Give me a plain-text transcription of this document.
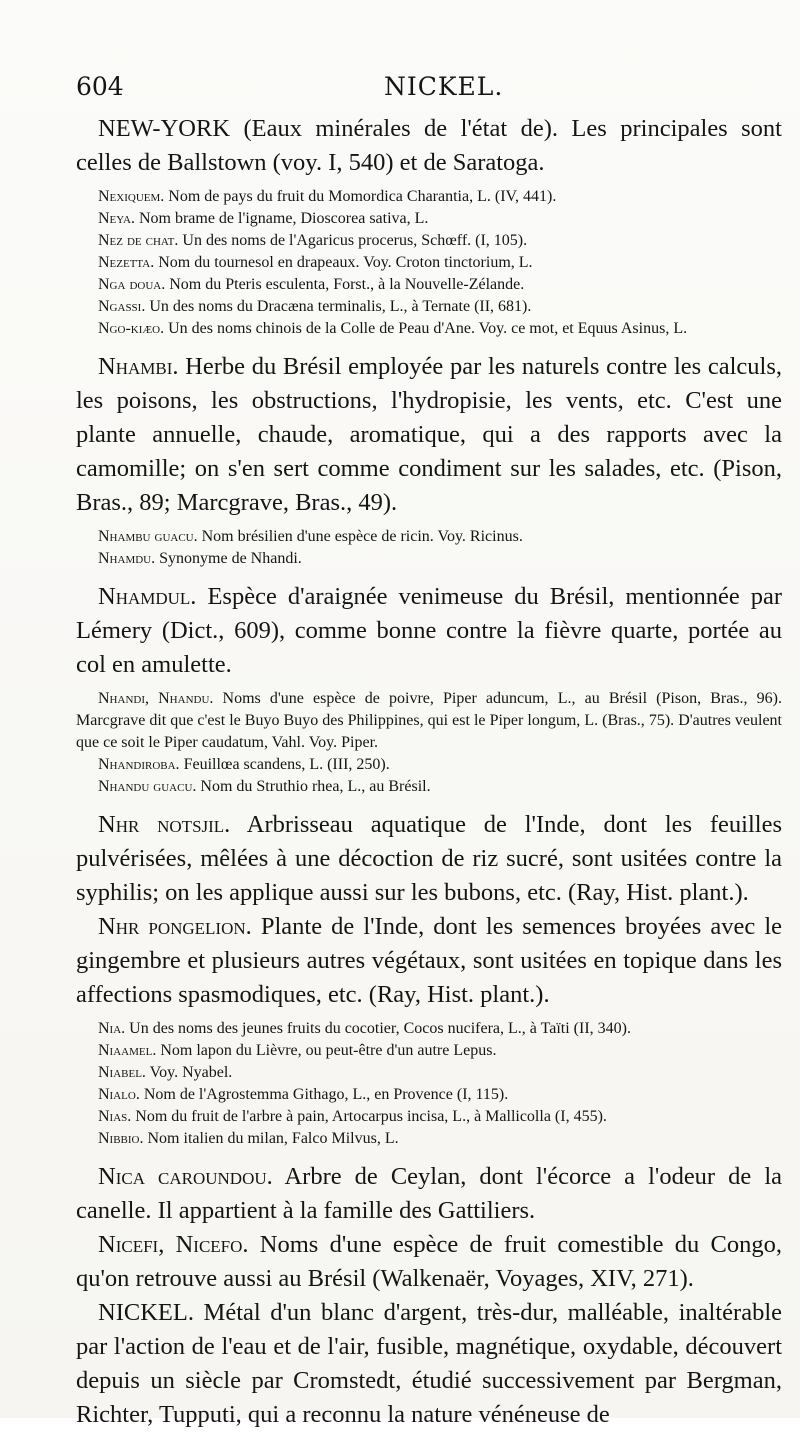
604	NICKEL.

NEW-YORK (Eaux minérales de l'état de). Les principales sont celles de Ballstown (voy. I, 540) et de Saratoga.

Nexiquem. Nom de pays du fruit du Momordica Charantia, L. (IV, 441).

Neya. Nom brame de l'igname, Dioscorea sativa, L.

Nez de chat. Un des noms de l'Agaricus procerus, Schœff. (I, 105).

Nezetta. Nom du tournesol en drapeaux. Voy. Croton tinctorium, L.

Nga doua. Nom du Pteris esculenta, Forst., à la Nouvelle-Zélande.

Ngassi. Un des noms du Dracæna terminalis, L., à Ternate (II, 681).

Ngo-kiæo. Un des noms chinois de la Colle de Peau d'Ane. Voy. ce mot, et Equus Asinus, L.

Nhambi. Herbe du Brésil employée par les naturels contre les calculs, les poisons, les obstructions, l'hydropisie, les vents, etc. C'est une plante annuelle, chaude, aromatique, qui a des rapports avec la camomille; on s'en sert comme condiment sur les salades, etc. (Pison, Bras., 89; Marcgrave, Bras., 49).

Nhambu guacu. Nom brésilien d'une espèce de ricin. Voy. Ricinus.

Nhamdu. Synonyme de Nhandi.

Nhamdul. Espèce d'araignée venimeuse du Brésil, mentionnée par Lémery (Dict., 609), comme bonne contre la fièvre quarte, portée au col en amulette.

Nhandi, Nhandu. Noms d'une espèce de poivre, Piper aduncum, L., au Brésil (Pison, Bras., 96). Marcgrave dit que c'est le Buyo Buyo des Philippines, qui est le Piper longum, L. (Bras., 75). D'autres veulent que ce soit le Piper caudatum, Vahl. Voy. Piper.

Nhandiroba. Feuillœa scandens, L. (III, 250).

Nhandu guacu. Nom du Struthio rhea, L., au Brésil.

Nhr notsjil. Arbrisseau aquatique de l'Inde, dont les feuilles pulvérisées, mêlées à une décoction de riz sucré, sont usitées contre la syphilis; on les applique aussi sur les bubons, etc. (Ray, Hist. plant.).

Nhr pongelion. Plante de l'Inde, dont les semences broyées avec le gingembre et plusieurs autres végétaux, sont usitées en topique dans les affections spasmodiques, etc. (Ray, Hist. plant.).

Nia. Un des noms des jeunes fruits du cocotier, Cocos nucifera, L., à Taïti (II, 340).

Niaamel. Nom lapon du Lièvre, ou peut-être d'un autre Lepus.

Niabel. Voy. Nyabel.

Nialo. Nom de l'Agrostemma Githago, L., en Provence (I, 115).

Nias. Nom du fruit de l'arbre à pain, Artocarpus incisa, L., à Mallicolla (I, 455).

Nibbio. Nom italien du milan, Falco Milvus, L.

Nica caroundou. Arbre de Ceylan, dont l'écorce a l'odeur de la canelle. Il appartient à la famille des Gattiliers.

Nicefi, Nicefo. Noms d'une espèce de fruit comestible du Congo, qu'on retrouve aussi au Brésil (Walkenaër, Voyages, XIV, 271).

NICKEL. Métal d'un blanc d'argent, très-dur, malléable, inaltérable par l'action de l'eau et de l'air, fusible, magnétique, oxydable, découvert depuis un siècle par Cromstedt, étudié successivement par Bergman, Richter, Tupputi, qui a reconnu la nature vénéneuse de
